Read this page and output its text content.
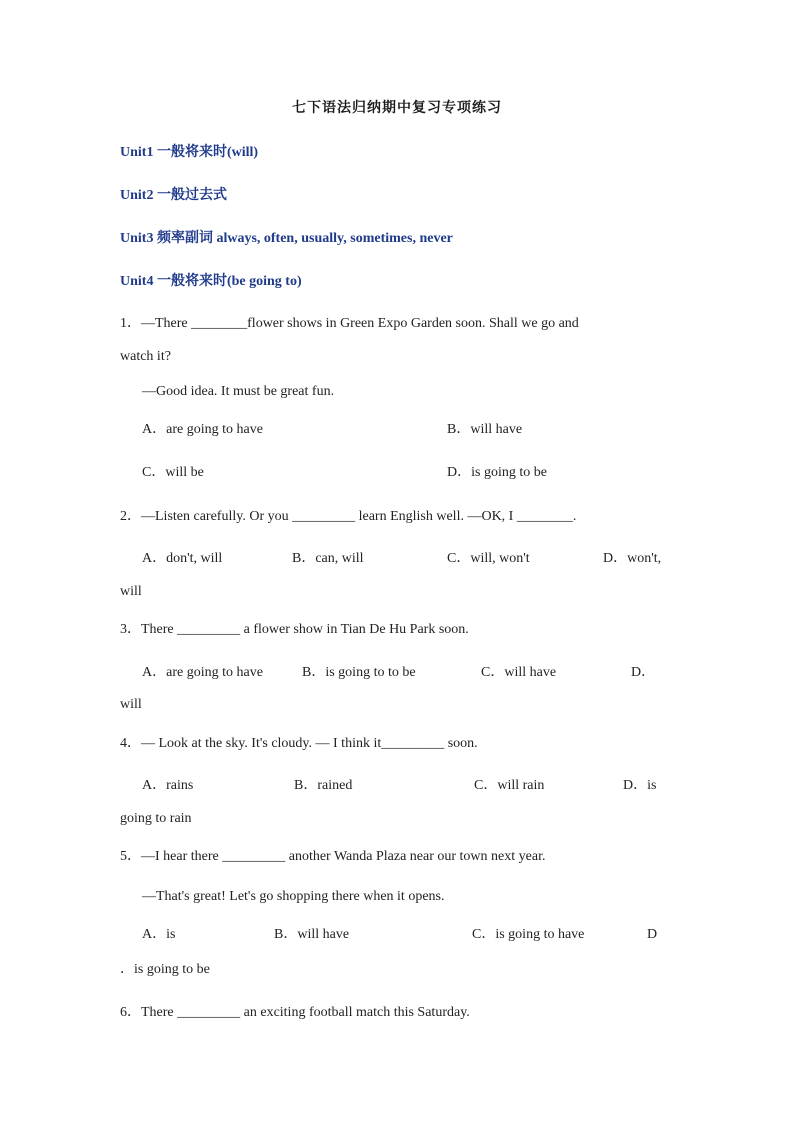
七下语法归纳期中复习专项练习
Unit1 一般将来时(will)
Unit2 一般过去式
Unit3 频率副词 always, often, usually, sometimes, never
Unit4 一般将来时(be going to)
1．—There ________flower shows in Green Expo Garden soon. Shall we go and
watch it?
—Good idea. It must be great fun.
A．are going to have	B．will have
C．will be	D．is going to be
2．—Listen carefully. Or you _________ learn English well. —OK, I ________.
A．don't, will	B．can, will	C．will, won't	D．won't,
will
3．There _________ a flower show in Tian De Hu Park soon.
A．are going to have	B．is going to to be	C．will have	D．
will
4．— Look at the sky. It's cloudy. — I think it_________ soon.
A．rains	B．rained	C．will rain	D．is
going to rain
5．—I hear there _________ another Wanda Plaza near our town next year.
—That's great! Let's go shopping there when it opens.
A．is	B．will have	C．is going to have	D
．is going to be
6．There _________ an exciting football match this Saturday.
